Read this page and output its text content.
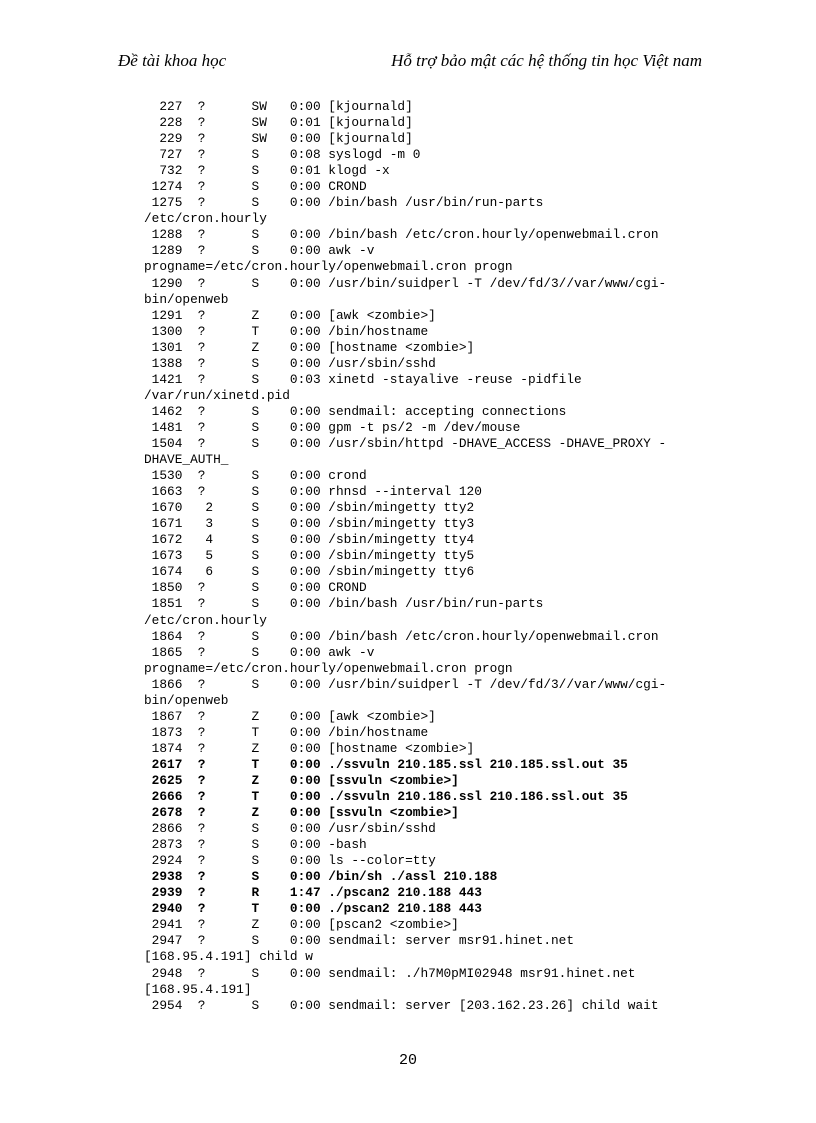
Đề tài khoa học	Hỗ trợ bảo mật các hệ thống tin học Việt nam
227  ?      SW   0:00 [kjournald]
228  ?      SW   0:01 [kjournald]
229  ?      SW   0:00 [kjournald]
727  ?      S    0:08 syslogd -m 0
732  ?      S    0:01 klogd -x
1274  ?      S    0:00 CROND
1275  ?      S    0:00 /bin/bash /usr/bin/run-parts
/etc/cron.hourly
1288  ?      S    0:00 /bin/bash /etc/cron.hourly/openwebmail.cron
1289  ?      S    0:00 awk -v
progname=/etc/cron.hourly/openwebmail.cron progn
1290  ?      S    0:00 /usr/bin/suidperl -T /dev/fd/3//var/www/cgi-
bin/openweb
1291  ?      Z    0:00 [awk <zombie>]
1300  ?      T    0:00 /bin/hostname
1301  ?      Z    0:00 [hostname <zombie>]
1388  ?      S    0:00 /usr/sbin/sshd
1421  ?      S    0:03 xinetd -stayalive -reuse -pidfile
/var/run/xinetd.pid
1462  ?      S    0:00 sendmail: accepting connections
1481  ?      S    0:00 gpm -t ps/2 -m /dev/mouse
1504  ?      S    0:00 /usr/sbin/httpd -DHAVE_ACCESS -DHAVE_PROXY -
DHAVE_AUTH_
1530  ?      S    0:00 crond
1663  ?      S    0:00 rhnsd --interval 120
1670   2     S    0:00 /sbin/mingetty tty2
1671   3     S    0:00 /sbin/mingetty tty3
1672   4     S    0:00 /sbin/mingetty tty4
1673   5     S    0:00 /sbin/mingetty tty5
1674   6     S    0:00 /sbin/mingetty tty6
1850  ?      S    0:00 CROND
1851  ?      S    0:00 /bin/bash /usr/bin/run-parts
/etc/cron.hourly
1864  ?      S    0:00 /bin/bash /etc/cron.hourly/openwebmail.cron
1865  ?      S    0:00 awk -v
progname=/etc/cron.hourly/openwebmail.cron progn
1866  ?      S    0:00 /usr/bin/suidperl -T /dev/fd/3//var/www/cgi-
bin/openweb
1867  ?      Z    0:00 [awk <zombie>]
1873  ?      T    0:00 /bin/hostname
1874  ?      Z    0:00 [hostname <zombie>]
2617  ?      T    0:00 ./ssvuln 210.185.ssl 210.185.ssl.out 35
2625  ?      Z    0:00 [ssvuln <zombie>]
2666  ?      T    0:00 ./ssvuln 210.186.ssl 210.186.ssl.out 35
2678  ?      Z    0:00 [ssvuln <zombie>]
2866  ?      S    0:00 /usr/sbin/sshd
2873  ?      S    0:00 -bash
2924  ?      S    0:00 ls --color=tty
2938  ?      S    0:00 /bin/sh ./assl 210.188
2939  ?      R    1:47 ./pscan2 210.188 443
2940  ?      T    0:00 ./pscan2 210.188 443
2941  ?      Z    0:00 [pscan2 <zombie>]
2947  ?      S    0:00 sendmail: server msr91.hinet.net
[168.95.4.191] child w
2948  ?      S    0:00 sendmail: ./h7M0pMI02948 msr91.hinet.net
[168.95.4.191]
2954  ?      S    0:00 sendmail: server [203.162.23.26] child wait
20
